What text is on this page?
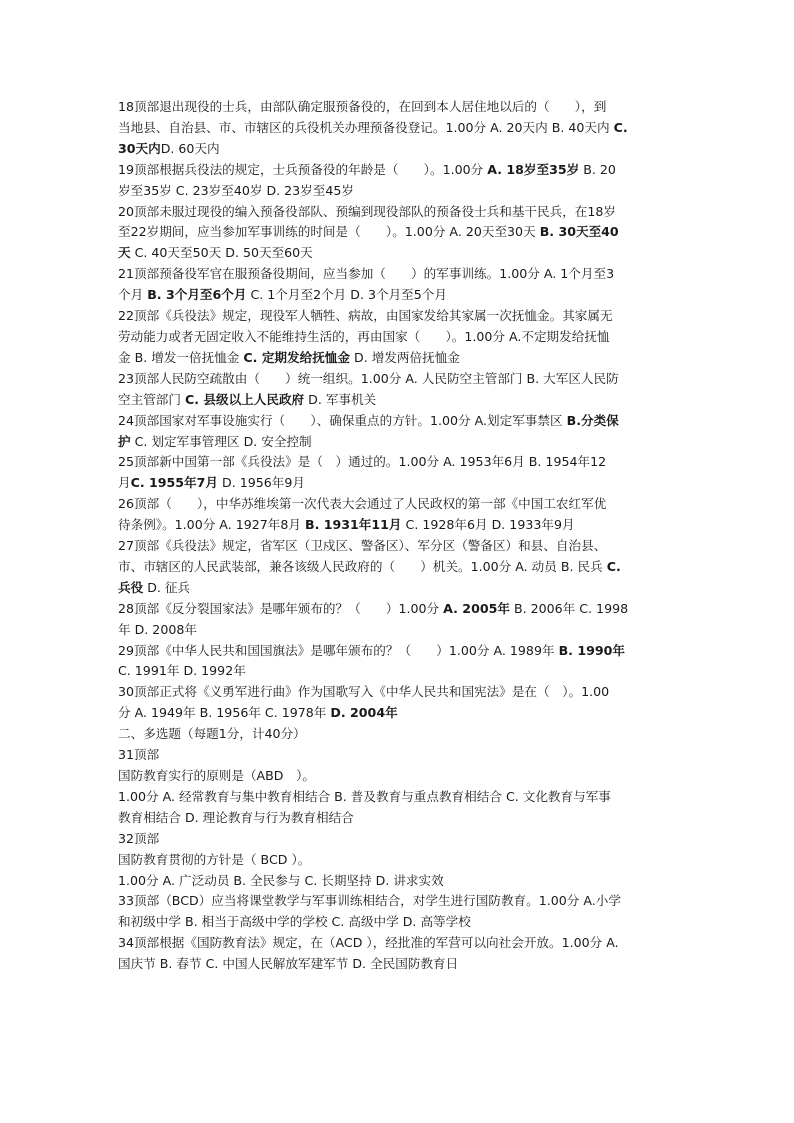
18顶部退出现役的士兵，由部队确定服预备役的，在回到本人居住地以后的（　　），到
当地县、自治县、市、市辖区的兵役机关办理预备役登记。1.00分 A. 20天内 B. 40天内 C.
30天内D. 60天内
19顶部根据兵役法的规定，士兵预备役的年龄是（　　）。1.00分 A. 18岁至35岁 B. 20
岁至35岁 C. 23岁至40岁 D. 23岁至45岁
20顶部未服过现役的编入预备役部队、预编到现役部队的预备役士兵和基干民兵，在18岁
至22岁期间，应当参加军事训练的时间是（　　）。1.00分 A. 20天至30天 B. 30天至40
天 C. 40天至50天 D. 50天至60天
21顶部预备役军官在服预备役期间，应当参加（　　）的军事训练。1.00分 A. 1个月至3
个月 B. 3个月至6个月 C. 1个月至2个月 D. 3个月至5个月
22顶部《兵役法》规定，现役军人牺牲、病故，由国家发给其家属一次抚恤金。其家属无
劳动能力或者无固定收入不能维持生活的，再由国家（　　）。1.00分 A.不定期发给抚恤
金 B. 增发一倍抚恤金 C. 定期发给抚恤金 D. 增发两倍抚恤金
23顶部人民防空疏散由（　　）统一组织。1.00分 A. 人民防空主管部门 B. 大军区人民防
空主管部门 C. 县级以上人民政府 D. 军事机关
24顶部国家对军事设施实行（　　）、确保重点的方针。1.00分 A.划定军事禁区 B.分类保
护 C. 划定军事管理区 D. 安全控制
25顶部新中国第一部《兵役法》是（　）通过的。1.00分 A. 1953年6月 B. 1954年12
月C. 1955年7月 D. 1956年9月
26顶部（　　），中华苏维埃第一次代表大会通过了人民政权的第一部《中国工农红军优
待条例》。1.00分 A. 1927年8月 B. 1931年11月 C. 1928年6月 D. 1933年9月
27顶部《兵役法》规定，省军区（卫戍区、警备区）、军分区（警备区）和县、自治县、
市、市辖区的人民武装部，兼各该级人民政府的（　　）机关。1.00分 A. 动员 B. 民兵 C.
兵役 D. 征兵
28顶部《反分裂国家法》是哪年颁布的？（　　）1.00分 A. 2005年 B. 2006年 C. 1998
年 D. 2008年
29顶部《中华人民共和国国旗法》是哪年颁布的？（　　）1.00分 A. 1989年 B. 1990年
C. 1991年 D. 1992年
30顶部正式将《义勇军进行曲》作为国歌写入《中华人民共和国宪法》是在（　）。1.00
分 A. 1949年 B. 1956年 C. 1978年 D. 2004年
二、多选题（每题1分，计40分）
31顶部
国防教育实行的原则是（ABD　）。
1.00分 A. 经常教育与集中教育相结合 B. 普及教育与重点教育相结合 C. 文化教育与军事
教育相结合 D. 理论教育与行为教育相结合
32顶部
国防教育贯彻的方针是（ BCD ）。
1.00分 A. 广泛动员 B. 全民参与 C. 长期坚持 D. 讲求实效
33顶部（BCD）应当将课堂教学与军事训练相结合，对学生进行国防教育。1.00分 A.小学
和初级中学 B. 相当于高级中学的学校 C. 高级中学 D. 高等学校
34顶部根据《国防教育法》规定，在（ACD ），经批准的军营可以向社会开放。1.00分 A.
国庆节 B. 春节 C. 中国人民解放军建军节 D. 全民国防教育日
